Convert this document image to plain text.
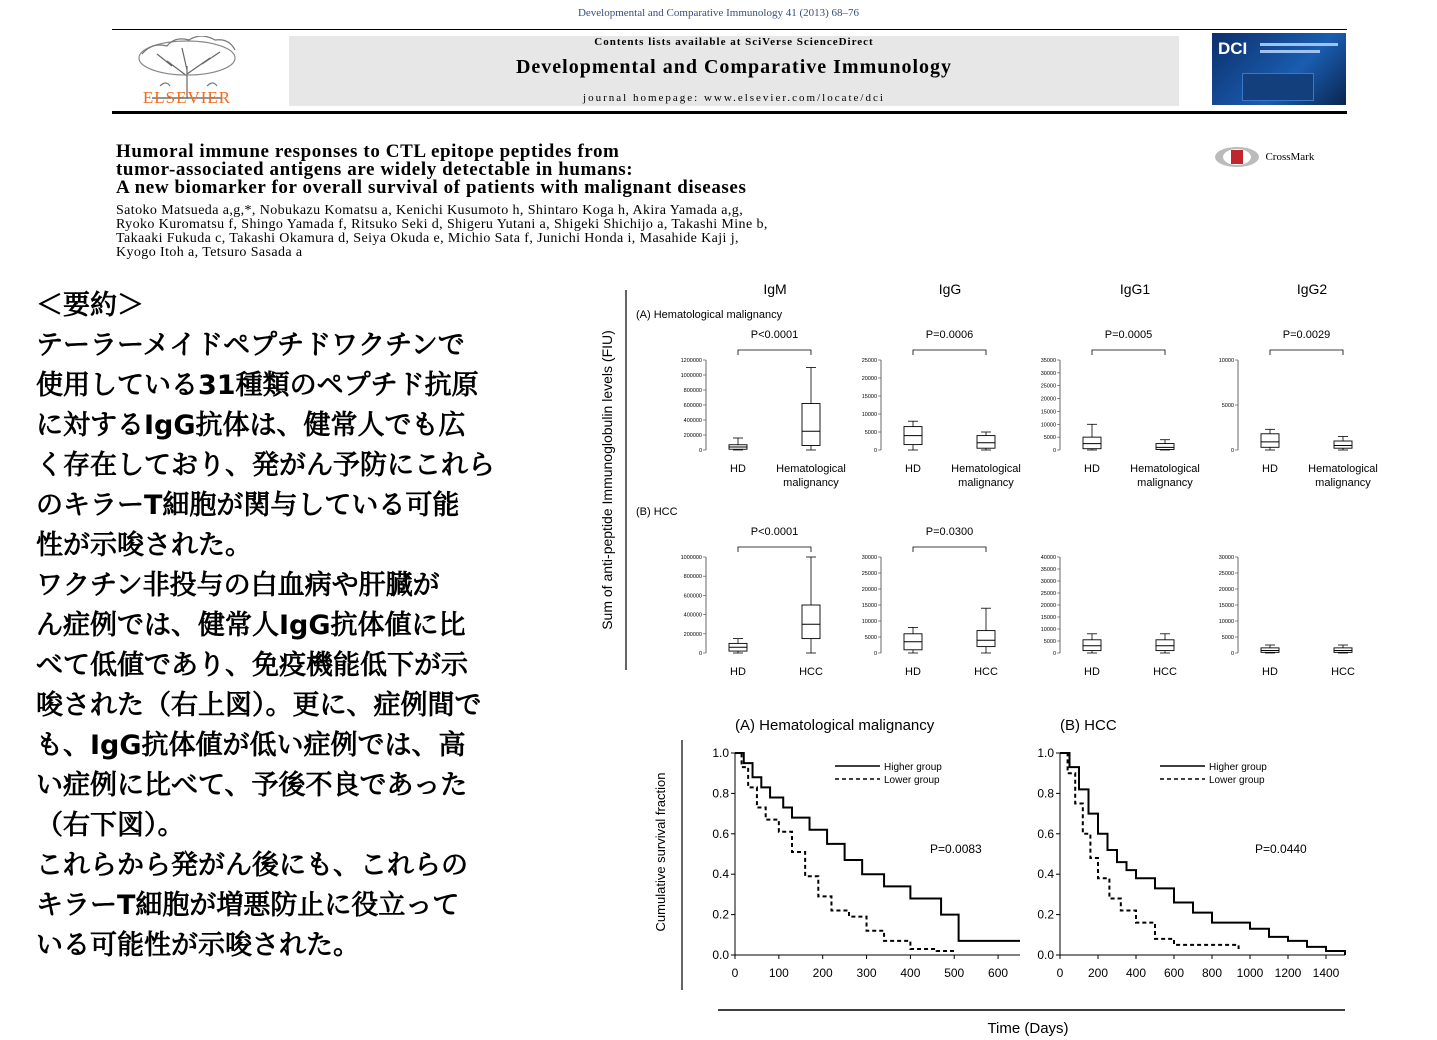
Developmental and Comparative Immunology 41 (2013) 68–76
ELSEVIER
Contents lists available at SciVerse ScienceDirect
Developmental and Comparative Immunology
journal homepage: www.elsevier.com/locate/dci
DCI
Humoral immune responses to CTL epitope peptides from
tumor-associated antigens are widely detectable in humans:
A new biomarker for overall survival of patients with malignant diseases
CrossMark
Satoko Matsueda a,g,*, Nobukazu Komatsu a, Kenichi Kusumoto h, Shintaro Koga h, Akira Yamada a,g,
Ryoko Kuromatsu f, Shingo Yamada f, Ritsuko Seki d, Shigeru Yutani a, Shigeki Shichijo a, Takashi Mine b,
Takaaki Fukuda c, Takashi Okamura d, Seiya Okuda e, Michio Sata f, Junichi Honda i, Masahide Kaji j,
Kyogo Itoh a, Tetsuro Sasada a
＜要約＞
テーラーメイドペプチドワクチンで
使用している31種類のペプチド抗原
に対するIgG抗体は、健常人でも広
く存在しており、発がん予防にこれら
のキラーT細胞が関与している可能
性が示唆された。
ワクチン非投与の白血病や肝臓が
ん症例では、健常人IgG抗体値に比
べて低値であり、免疫機能低下が示
唆された（右上図）。更に、症例間で
も、IgG抗体値が低い症例では、高
い症例に比べて、予後不良であった
（右下図）。
これらから発がん後にも、これらの
キラーT細胞が増悪防止に役立って
いる可能性が示唆された。
Sum of anti-peptide Immunoglobulin levels (FIU)
IgM	IgG	IgG1	IgG2
(A) Hematological malignancy
0
200000
400000
600000
800000
1000000
1200000
HD	Hematological
malignancy
P<0.0001
0
5000
10000
15000
20000
25000
HD	Hematological
malignancy
P=0.0006
0
5000
10000
15000
20000
25000
30000
35000
HD	Hematological
malignancy
P=0.0005
0
5000
10000
HD	Hematological
malignancy
P=0.0029
(B) HCC
0
200000
400000
600000
800000
1000000
HD	HCC
P<0.0001
0
5000
10000
15000
20000
25000
30000
HD	HCC
P=0.0300
0
5000
10000
15000
20000
25000
30000
35000
40000
HD	HCC
0
5000
10000
15000
20000
25000
30000
HD	HCC
Cumulative survival fraction
Time (Days)
(A) Hematological malignancy
0.0
0.2
0.4
0.6
0.8
1.0
0	100 200 300 400 500 600
Higher group
Lower group
P=0.0083
(B) HCC
0.0
0.2
0.4
0.6
0.8
1.0
0 200 400 600 800 1000 1200 1400
Higher group
Lower group
P=0.0440
